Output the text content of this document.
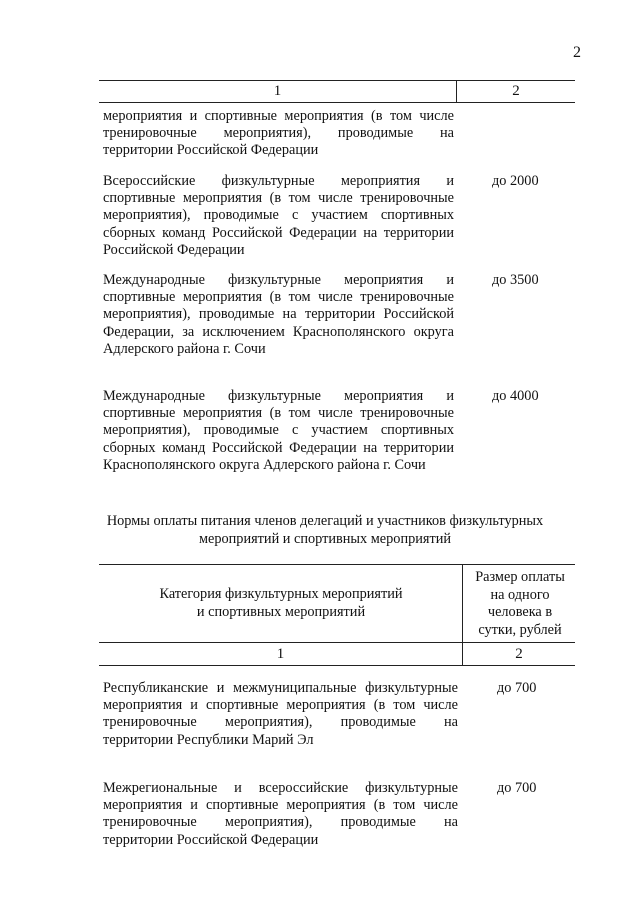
2
1	2

мероприятия и спортивные мероприятия (в том числе тренировочные мероприятия), проводимые на территории Российской Федерации

Всероссийские физкультурные мероприятия и спортивные мероприятия (в том числе тренировочные мероприятия), проводимые с участием спортивных сборных команд Российской Федерации на территории Российской Федерации

до 2000

Международные физкультурные мероприятия и спортивные мероприятия (в том числе тренировочные мероприятия), проводимые на территории Российской Федерации, за исключением Краснополянского округа Адлерского района г. Сочи

до 3500

Международные физкультурные мероприятия и спортивные мероприятия (в том числе тренировочные мероприятия), проводимые с участием спортивных сборных команд Российской Федерации на территории Краснополянского округа Адлерского района г. Сочи

до 4000
Нормы оплаты питания членов делегаций и участников физкультурных
мероприятий и спортивных мероприятий
Категория физкультурных мероприятий
и спортивных мероприятий
Размер оплаты
на одного
человека в
сутки, рублей
1	2

Республиканские и межмуниципальные физкультурные мероприятия и спортивные мероприятия (в том числе тренировочные мероприятия), проводимые на территории Республики Марий Эл

до 700

Межрегиональные и всероссийские физкультурные мероприятия и спортивные мероприятия (в том числе тренировочные мероприятия), проводимые на территории Российской Федерации

до 700
